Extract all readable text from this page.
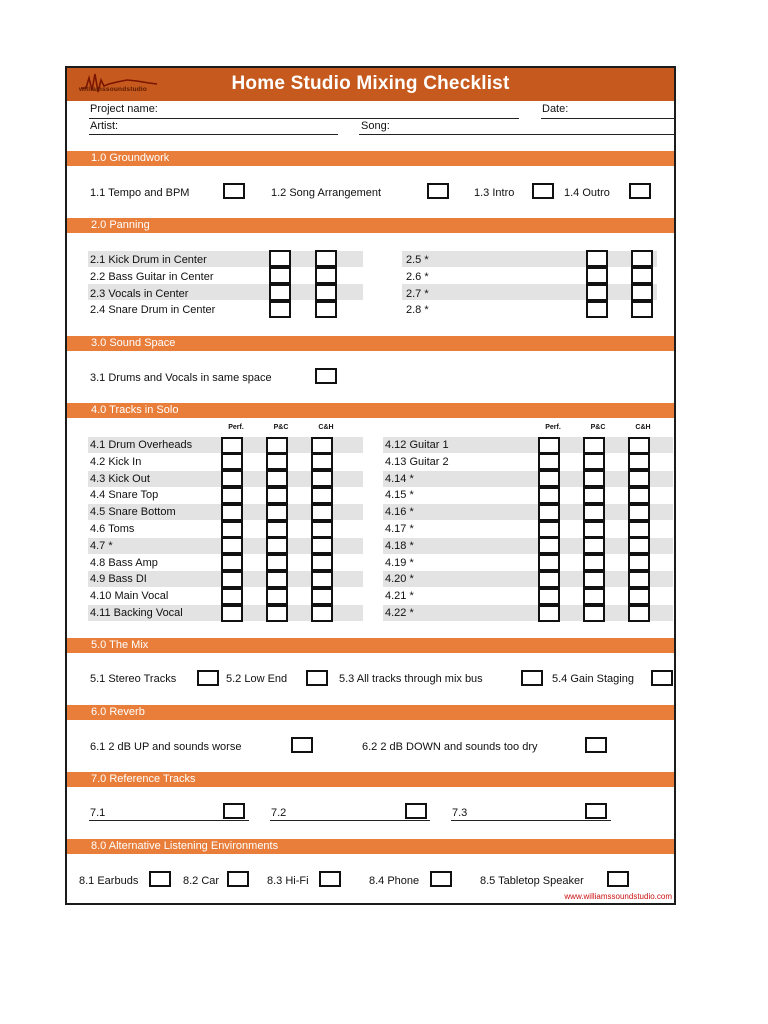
williamssoundstudio	Home Studio Mixing Checklist
Project name:	Date:
Artist:	Song:
1.0 Groundwork
1.1 Tempo and BPM	1.2 Song Arrangement	1.3 Intro	1.4 Outro
2.0 Panning
2.1 Kick Drum in Center
2.2 Bass Guitar in Center
2.3 Vocals in Center
2.4 Snare Drum in Center
2.5 *
2.6 *
2.7 *
2.8 *
3.0 Sound Space
3.1 Drums and Vocals in same space
4.0 Tracks in Solo
Perf.	P&C	C&H	Perf.	P&C	C&H
4.1 Drum Overheads	4.12 Guitar 1
4.2 Kick In	4.13 Guitar 2
4.3 Kick Out	4.14 *
4.4 Snare Top	4.15 *
4.5 Snare Bottom	4.16 *
4.6 Toms	4.17 *
4.7 *	4.18 *
4.8 Bass Amp	4.19 *
4.9 Bass DI	4.20 *
4.10 Main Vocal	4.21 *
4.11 Backing Vocal	4.22 *
5.0 The Mix
5.1 Stereo Tracks	5.2 Low End	5.3 All tracks through mix bus	5.4 Gain Staging
6.0 Reverb
6.1 2 dB UP and sounds worse	6.2 2 dB DOWN and sounds too dry
7.0 Reference Tracks
7.1	7.2	7.3
8.0 Alternative Listening Environments
8.1 Earbuds	8.2 Car	8.3 Hi-Fi	8.4 Phone	8.5 Tabletop Speaker
www.williamssoundstudio.com
